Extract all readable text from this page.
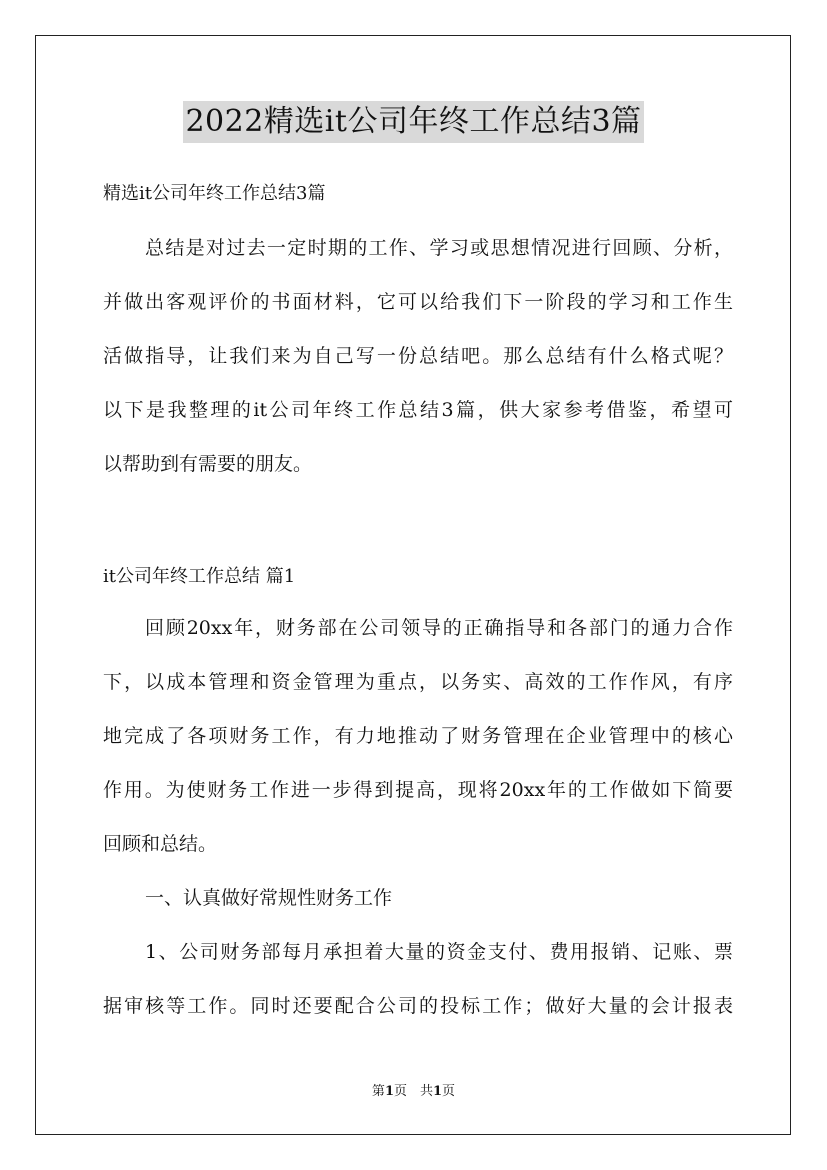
2022精选it公司年终工作总结3篇
精选it公司年终工作总结3篇
总结是对过去一定时期的工作、学习或思想情况进行回顾、分析，
并做出客观评价的书面材料，它可以给我们下一阶段的学习和工作生
活做指导，让我们来为自己写一份总结吧。那么总结有什么格式呢？
以下是我整理的it公司年终工作总结3篇，供大家参考借鉴，希望可
以帮助到有需要的朋友。
it公司年终工作总结 篇1
回顾20xx年，财务部在公司领导的正确指导和各部门的通力合作
下，以成本管理和资金管理为重点，以务实、高效的工作作风，有序
地完成了各项财务工作，有力地推动了财务管理在企业管理中的核心
作用。为使财务工作进一步得到提高，现将20xx年的工作做如下简要
回顾和总结。
一、认真做好常规性财务工作
1、公司财务部每月承担着大量的资金支付、费用报销、记账、票
据审核等工作。同时还要配合公司的投标工作；做好大量的会计报表
第1页　共1页
